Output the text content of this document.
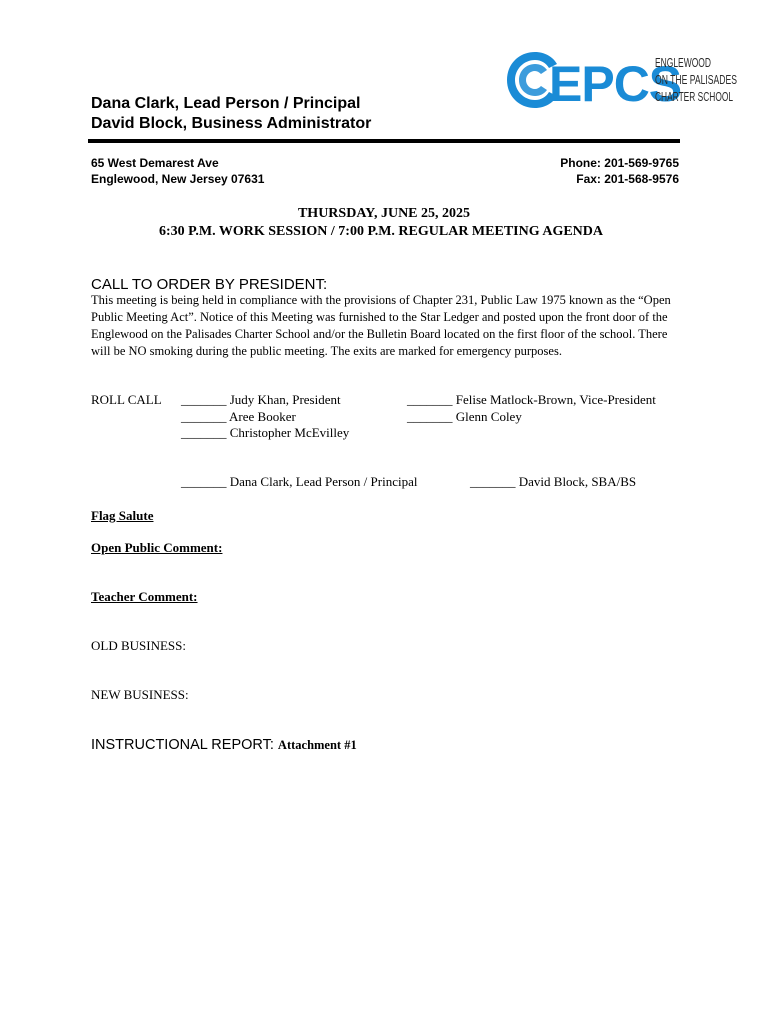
Dana Clark, Lead Person / Principal
David Block, Business Administrator
EPCS
ENGLEWOOD
ON THE PALISADES
CHARTER SCHOOL
65 West Demarest Ave
Englewood, New Jersey 07631
Phone: 201-569-9765
Fax: 201-568-9576
THURSDAY, JUNE 25, 2025
6:30 P.M. WORK SESSION / 7:00 P.M. REGULAR MEETING AGENDA
CALL TO ORDER BY PRESIDENT:
This meeting is being held in compliance with the provisions of Chapter 231, Public Law 1975 known as the “Open Public Meeting Act”. Notice of this Meeting was furnished to the Star Ledger and posted upon the front door of the Englewood on the Palisades Charter School and/or the Bulletin Board located on the first floor of the school. There will be NO smoking during the public meeting. The exits are marked for emergency purposes.
ROLL CALL _______ Judy Khan, President
_______ Aree Booker
_______ Christopher McEvilley
_______ Felise Matlock-Brown, Vice-President
_______ Glenn Coley
_______ Dana Clark, Lead Person / Principal	_______ David Block, SBA/BS
Flag Salute
Open Public Comment:
Teacher Comment:
OLD BUSINESS:
NEW BUSINESS:
INSTRUCTIONAL REPORT: Attachment #1
